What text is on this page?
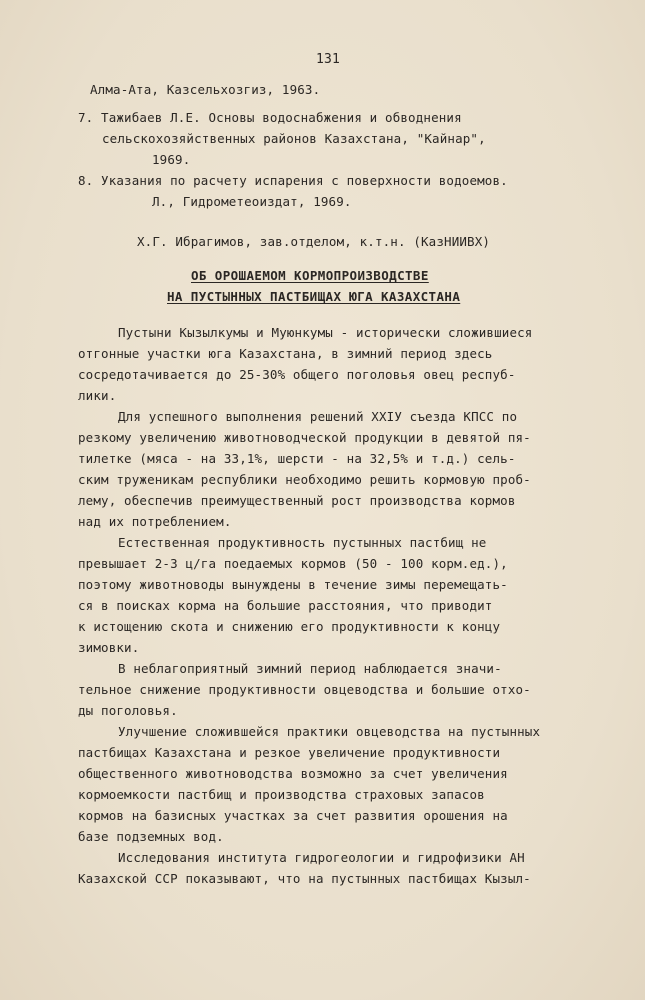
131
Алма-Ата, Казсельхозгиз, 1963.
7. Тажибаев Л.Е. Основы водоснабжения и обводнения
сельскохозяйственных районов Казахстана, "Кайнар",
1969.
8. Указания по расчету испарения с поверхности водоемов.
Л., Гидрометеоиздат, 1969.
Х.Г. Ибрагимов, зав.отделом, к.т.н. (КазНИИВХ)
ОБ ОРОШАЕМОМ КОРМОПРОИЗВОДСТВЕ
НА ПУСТЫННЫХ ПАСТБИЩАХ ЮГА КАЗАХСТАНА
Пустыни Кызылкумы и Муюнкумы - исторически сложившиеся
отгонные участки юга Казахстана, в зимний период здесь
сосредотачивается до 25-30% общего поголовья овец респуб-
лики.
Для успешного выполнения решений XXIУ съезда КПСС по
резкому увеличению животноводческой продукции в девятой пя-
тилетке (мяса - на 33,1%, шерсти - на 32,5% и т.д.) сель-
ским труженикам республики необходимо решить кормовую проб-
лему, обеспечив преимущественный рост производства кормов
над их потреблением.
Естественная продуктивность пустынных пастбищ не
превышает 2-3 ц/га поедаемых кормов (50 - 100 корм.ед.),
поэтому животноводы вынуждены в течение зимы перемещать-
ся в поисках корма на большие расстояния, что приводит
к истощению скота и снижению его продуктивности к концу
зимовки.
В неблагоприятный зимний период наблюдается значи-
тельное снижение продуктивности овцеводства и большие отхо-
ды поголовья.
Улучшение сложившейся практики овцеводства на пустынных
пастбищах Казахстана и резкое увеличение продуктивности
общественного животноводства возможно за счет увеличения
кормоемкости пастбищ и производства страховых запасов
кормов на базисных участках за счет развития орошения на
базе подземных вод.
Исследования института гидрогеологии и гидрофизики АН
Казахской ССР показывают, что на пустынных пастбищах Кызыл-
